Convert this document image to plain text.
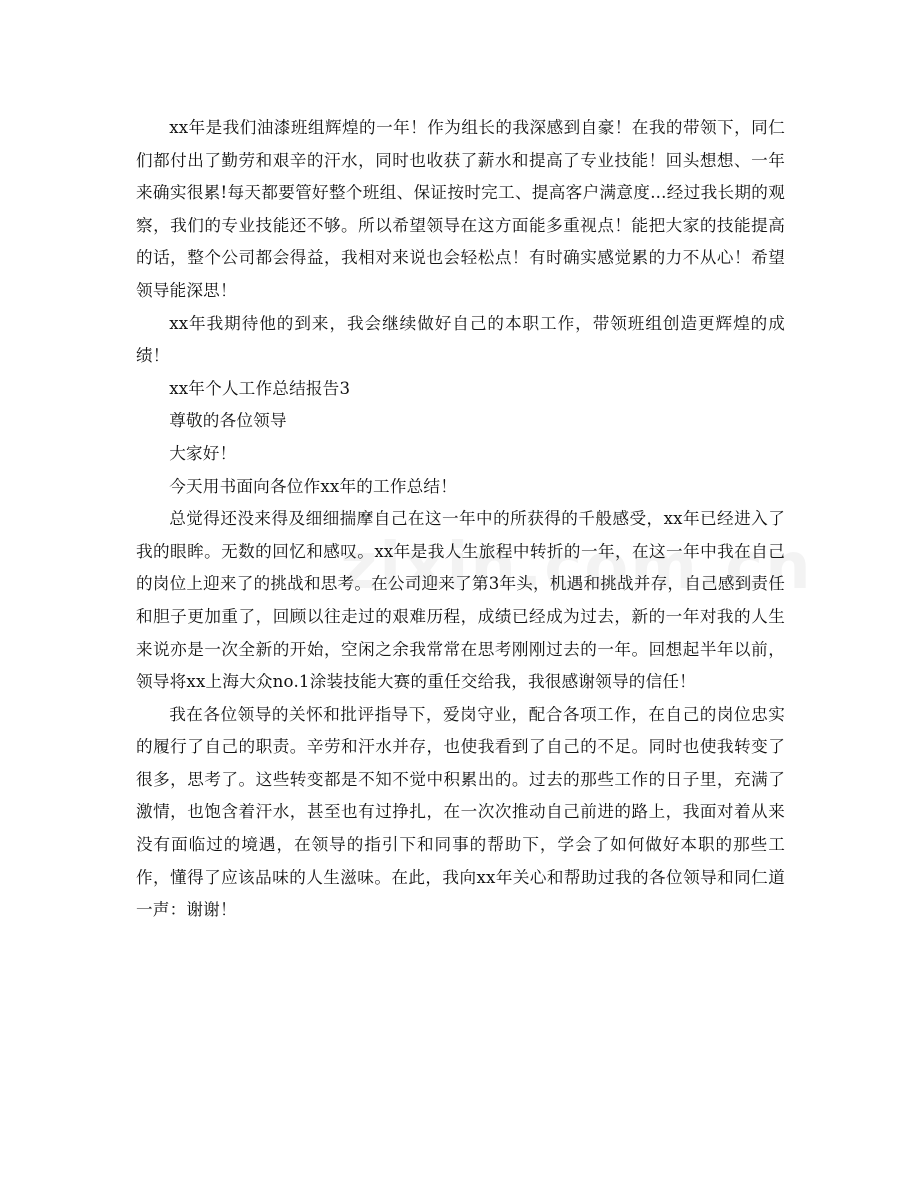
xx年是我们油漆班组辉煌的一年！作为组长的我深感到自豪！在我的带领下，同仁们都付出了勤劳和艰辛的汗水，同时也收获了薪水和提高了专业技能！回头想想、一年来确实很累!每天都要管好整个班组、保证按时完工、提高客户满意度...经过我长期的观察，我们的专业技能还不够。所以希望领导在这方面能多重视点！能把大家的技能提高的话，整个公司都会得益，我相对来说也会轻松点！有时确实感觉累的力不从心！希望领导能深思！

xx年我期待他的到来，我会继续做好自己的本职工作，带领班组创造更辉煌的成绩！

xx年个人工作总结报告3

尊敬的各位领导

大家好！

今天用书面向各位作xx年的工作总结！

总觉得还没来得及细细揣摩自己在这一年中的所获得的千般感受，xx年已经进入了我的眼眸。无数的回忆和感叹。xx年是我人生旅程中转折的一年，在这一年中我在自己的岗位上迎来了的挑战和思考。在公司迎来了第3年头，机遇和挑战并存，自己感到责任和胆子更加重了，回顾以往走过的艰难历程，成绩已经成为过去，新的一年对我的人生来说亦是一次全新的开始，空闲之余我常常在思考刚刚过去的一年。回想起半年以前，领导将xx上海大众no.1涂装技能大赛的重任交给我，我很感谢领导的信任！

我在各位领导的关怀和批评指导下，爱岗守业，配合各项工作，在自己的岗位忠实的履行了自己的职责。辛劳和汗水并存，也使我看到了自己的不足。同时也使我转变了很多，思考了。这些转变都是不知不觉中积累出的。过去的那些工作的日子里，充满了激情，也饱含着汗水，甚至也有过挣扎，在一次次推动自己前进的路上，我面对着从来没有面临过的境遇，在领导的指引下和同事的帮助下，学会了如何做好本职的那些工作，懂得了应该品味的人生滋味。在此，我向xx年关心和帮助过我的各位领导和同仁道一声：谢谢！
